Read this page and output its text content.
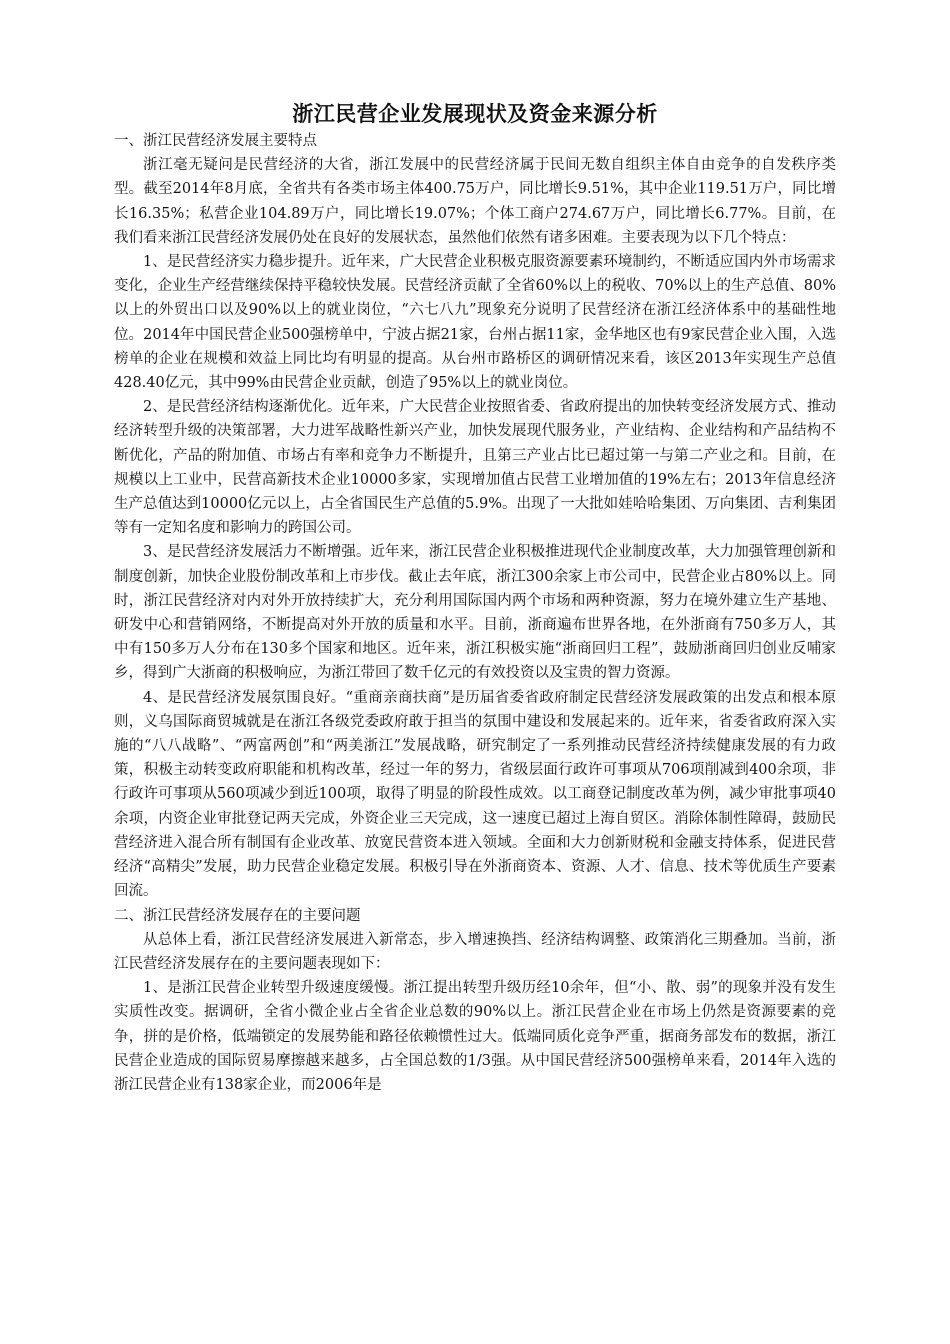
浙江民营企业发展现状及资金来源分析

一、浙江民营经济发展主要特点

浙江毫无疑问是民营经济的大省，浙江发展中的民营经济属于民间无数自组织主体自由竞争的自发秩序类型。截至2014年8月底，全省共有各类市场主体400.75万户，同比增长9.51%，其中企业119.51万户，同比增长16.35%；私营企业104.89万户，同比增长19.07%；个体工商户274.67万户，同比增长6.77%。目前，在我们看来浙江民营经济发展仍处在良好的发展状态，虽然他们依然有诸多困难。主要表现为以下几个特点：

1、是民营经济实力稳步提升。近年来，广大民营企业积极克服资源要素环境制约，不断适应国内外市场需求变化，企业生产经营继续保持平稳较快发展。民营经济贡献了全省60%以上的税收、70%以上的生产总值、80%以上的外贸出口以及90%以上的就业岗位，“六七八九”现象充分说明了民营经济在浙江经济体系中的基础性地位。2014年中国民营企业500强榜单中，宁波占据21家，台州占据11家，金华地区也有9家民营企业入围，入选榜单的企业在规模和效益上同比均有明显的提高。从台州市路桥区的调研情况来看，该区2013年实现生产总值428.40亿元，其中99%由民营企业贡献，创造了95%以上的就业岗位。

2、是民营经济结构逐渐优化。近年来，广大民营企业按照省委、省政府提出的加快转变经济发展方式、推动经济转型升级的决策部署，大力进军战略性新兴产业，加快发展现代服务业，产业结构、企业结构和产品结构不断优化，产品的附加值、市场占有率和竞争力不断提升，且第三产业占比已超过第一与第二产业之和。目前，在规模以上工业中，民营高新技术企业10000多家，实现增加值占民营工业增加值的19%左右；2013年信息经济生产总值达到10000亿元以上，占全省国民生产总值的5.9%。出现了一大批如娃哈哈集团、万向集团、吉利集团等有一定知名度和影响力的跨国公司。

3、是民营经济发展活力不断增强。近年来，浙江民营企业积极推进现代企业制度改革，大力加强管理创新和制度创新，加快企业股份制改革和上市步伐。截止去年底，浙江300余家上市公司中，民营企业占80%以上。同时，浙江民营经济对内对外开放持续扩大，充分利用国际国内两个市场和两种资源，努力在境外建立生产基地、研发中心和营销网络，不断提高对外开放的质量和水平。目前，浙商遍布世界各地，在外浙商有750多万人，其中有150多万人分布在130多个国家和地区。近年来，浙江积极实施“浙商回归工程”，鼓励浙商回归创业反哺家乡，得到广大浙商的积极响应，为浙江带回了数千亿元的有效投资以及宝贵的智力资源。

4、是民营经济发展氛围良好。“重商亲商扶商”是历届省委省政府制定民营经济发展政策的出发点和根本原则，义乌国际商贸城就是在浙江各级党委政府敢于担当的氛围中建设和发展起来的。近年来，省委省政府深入实施的“八八战略”、“两富两创”和“两美浙江”发展战略，研究制定了一系列推动民营经济持续健康发展的有力政策，积极主动转变政府职能和机构改革，经过一年的努力，省级层面行政许可事项从706项削减到400余项，非行政许可事项从560项减少到近100项，取得了明显的阶段性成效。以工商登记制度改革为例，减少审批事项40余项，内资企业审批登记两天完成，外资企业三天完成，这一速度已超过上海自贸区。消除体制性障碍，鼓励民营经济进入混合所有制国有企业改革、放宽民营资本进入领域。全面和大力创新财税和金融支持体系，促进民营经济“高精尖”发展，助力民营企业稳定发展。积极引导在外浙商资本、资源、人才、信息、技术等优质生产要素回流。

二、浙江民营经济发展存在的主要问题

从总体上看，浙江民营经济发展进入新常态，步入增速换挡、经济结构调整、政策消化三期叠加。当前，浙江民营经济发展存在的主要问题表现如下：

1、是浙江民营企业转型升级速度缓慢。浙江提出转型升级历经10余年，但“小、散、弱”的现象并没有发生实质性改变。据调研，全省小微企业占全省企业总数的90%以上。浙江民营企业在市场上仍然是资源要素的竞争，拼的是价格，低端锁定的发展势能和路径依赖惯性过大。低端同质化竞争严重，据商务部发布的数据，浙江民营企业造成的国际贸易摩擦越来越多，占全国总数的1/3强。从中国民营经济500强榜单来看，2014年入选的浙江民营企业有138家企业，而2006年是
